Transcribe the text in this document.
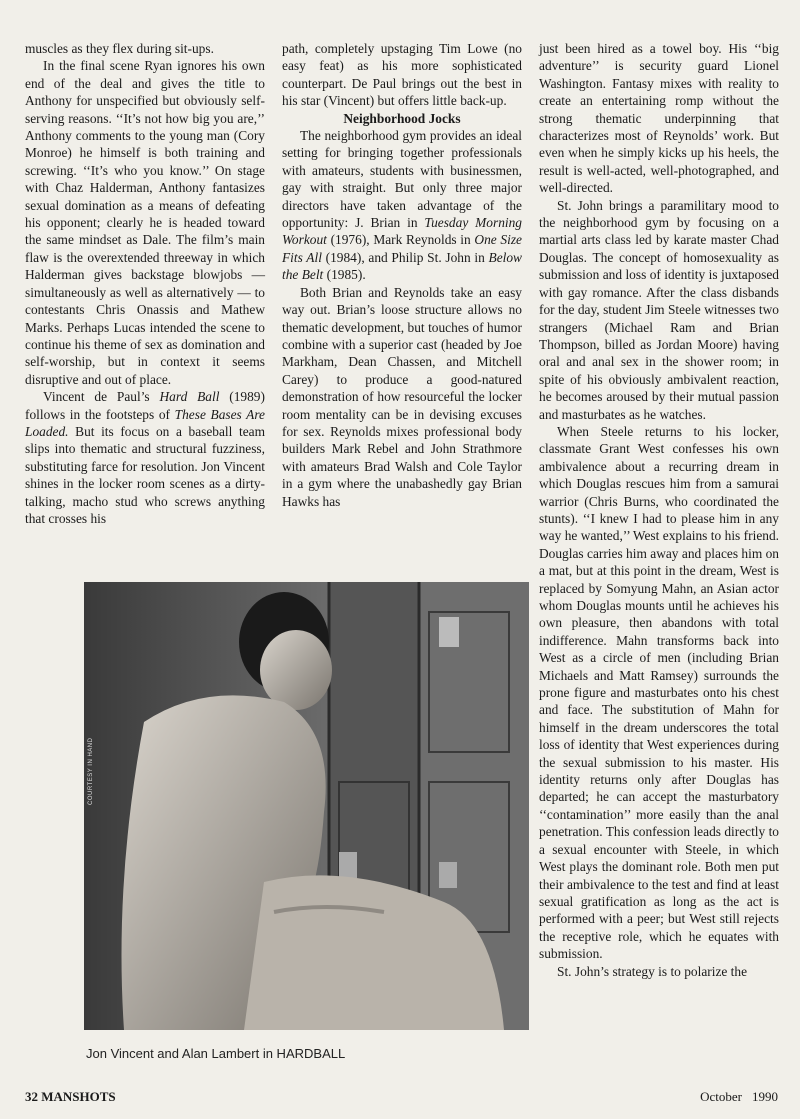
muscles as they flex during sit-ups.

In the final scene Ryan ignores his own end of the deal and gives the title to Anthony for unspecified but obviously self-serving reasons. ‘‘It’s not how big you are,’’ Anthony comments to the young man (Cory Monroe) he himself is both training and screwing. ‘‘It’s who you know.’’ On stage with Chaz Halderman, Anthony fantasizes sexual domination as a means of defeating his opponent; clearly he is headed toward the same mindset as Dale. The film’s main flaw is the overextended threeway in which Halderman gives backstage blowjobs — simultaneously as well as alternatively — to contestants Chris Onassis and Mathew Marks. Perhaps Lucas intended the scene to continue his theme of sex as domination and self-worship, but in context it seems disruptive and out of place.

Vincent de Paul’s Hard Ball (1989) follows in the footsteps of These Bases Are Loaded. But its focus on a baseball team slips into thematic and structural fuzziness, substituting farce for resolution. Jon Vincent shines in the locker room scenes as a dirty-talking, macho stud who screws anything that crosses his

path, completely upstaging Tim Lowe (no easy feat) as his more sophisticated counterpart. De Paul brings out the best in his star (Vincent) but offers little back-up.

Neighborhood Jocks

The neighborhood gym provides an ideal setting for bringing together professionals with amateurs, students with businessmen, gay with straight. But only three major directors have taken advantage of the opportunity: J. Brian in Tuesday Morning Workout (1976), Mark Reynolds in One Size Fits All (1984), and Philip St. John in Below the Belt (1985).

Both Brian and Reynolds take an easy way out. Brian’s loose structure allows no thematic development, but touches of humor combine with a superior cast (headed by Joe Markham, Dean Chassen, and Mitchell Carey) to produce a good-natured demonstration of how resourceful the locker room mentality can be in devising excuses for sex. Reynolds mixes professional body builders Mark Rebel and John Strathmore with amateurs Brad Walsh and Cole Taylor in a gym where the unabashedly gay Brian Hawks has

just been hired as a towel boy. His ‘‘big adventure’’ is security guard Lionel Washington. Fantasy mixes with reality to create an entertaining romp without the strong thematic underpinning that characterizes most of Reynolds’ work. But even when he simply kicks up his heels, the result is well-acted, well-photographed, and well-directed.

St. John brings a paramilitary mood to the neighborhood gym by focusing on a martial arts class led by karate master Chad Douglas. The concept of homosexuality as submission and loss of identity is juxtaposed with gay romance. After the class disbands for the day, student Jim Steele witnesses two strangers (Michael Ram and Brian Thompson, billed as Jordan Moore) having oral and anal sex in the shower room; in spite of his obviously ambivalent reaction, he becomes aroused by their mutual passion and masturbates as he watches.

When Steele returns to his locker, classmate Grant West confesses his own ambivalence about a recurring dream in which Douglas rescues him from a samurai warrior (Chris Burns, who coordinated the stunts). ‘‘I knew I had to please him in any way he wanted,’’ West explains to his friend. Douglas carries him away and places him on a mat, but at this point in the dream, West is replaced by Somyung Mahn, an Asian actor whom Douglas mounts until he achieves his own pleasure, then abandons with total indifference. Mahn transforms back into West as a circle of men (including Brian Michaels and Matt Ramsey) surrounds the prone figure and masturbates onto his chest and face. The substitution of Mahn for himself in the dream underscores the total loss of identity that West experiences during the sexual submission to his master. His identity returns only after Douglas has departed; he can accept the masturbatory ‘‘contamination’’ more easily than the anal penetration. This confession leads directly to a sexual encounter with Steele, in which West plays the dominant role. Both men put their ambivalence to the test and find at least sexual gratification as long as the act is performed with a peer; but West still rejects the receptive role, which he equates with submission.

St. John’s strategy is to polarize the

COURTESY IN HAND
Jon Vincent and Alan Lambert in HARDBALL
32 MANSHOTS	October 1990
